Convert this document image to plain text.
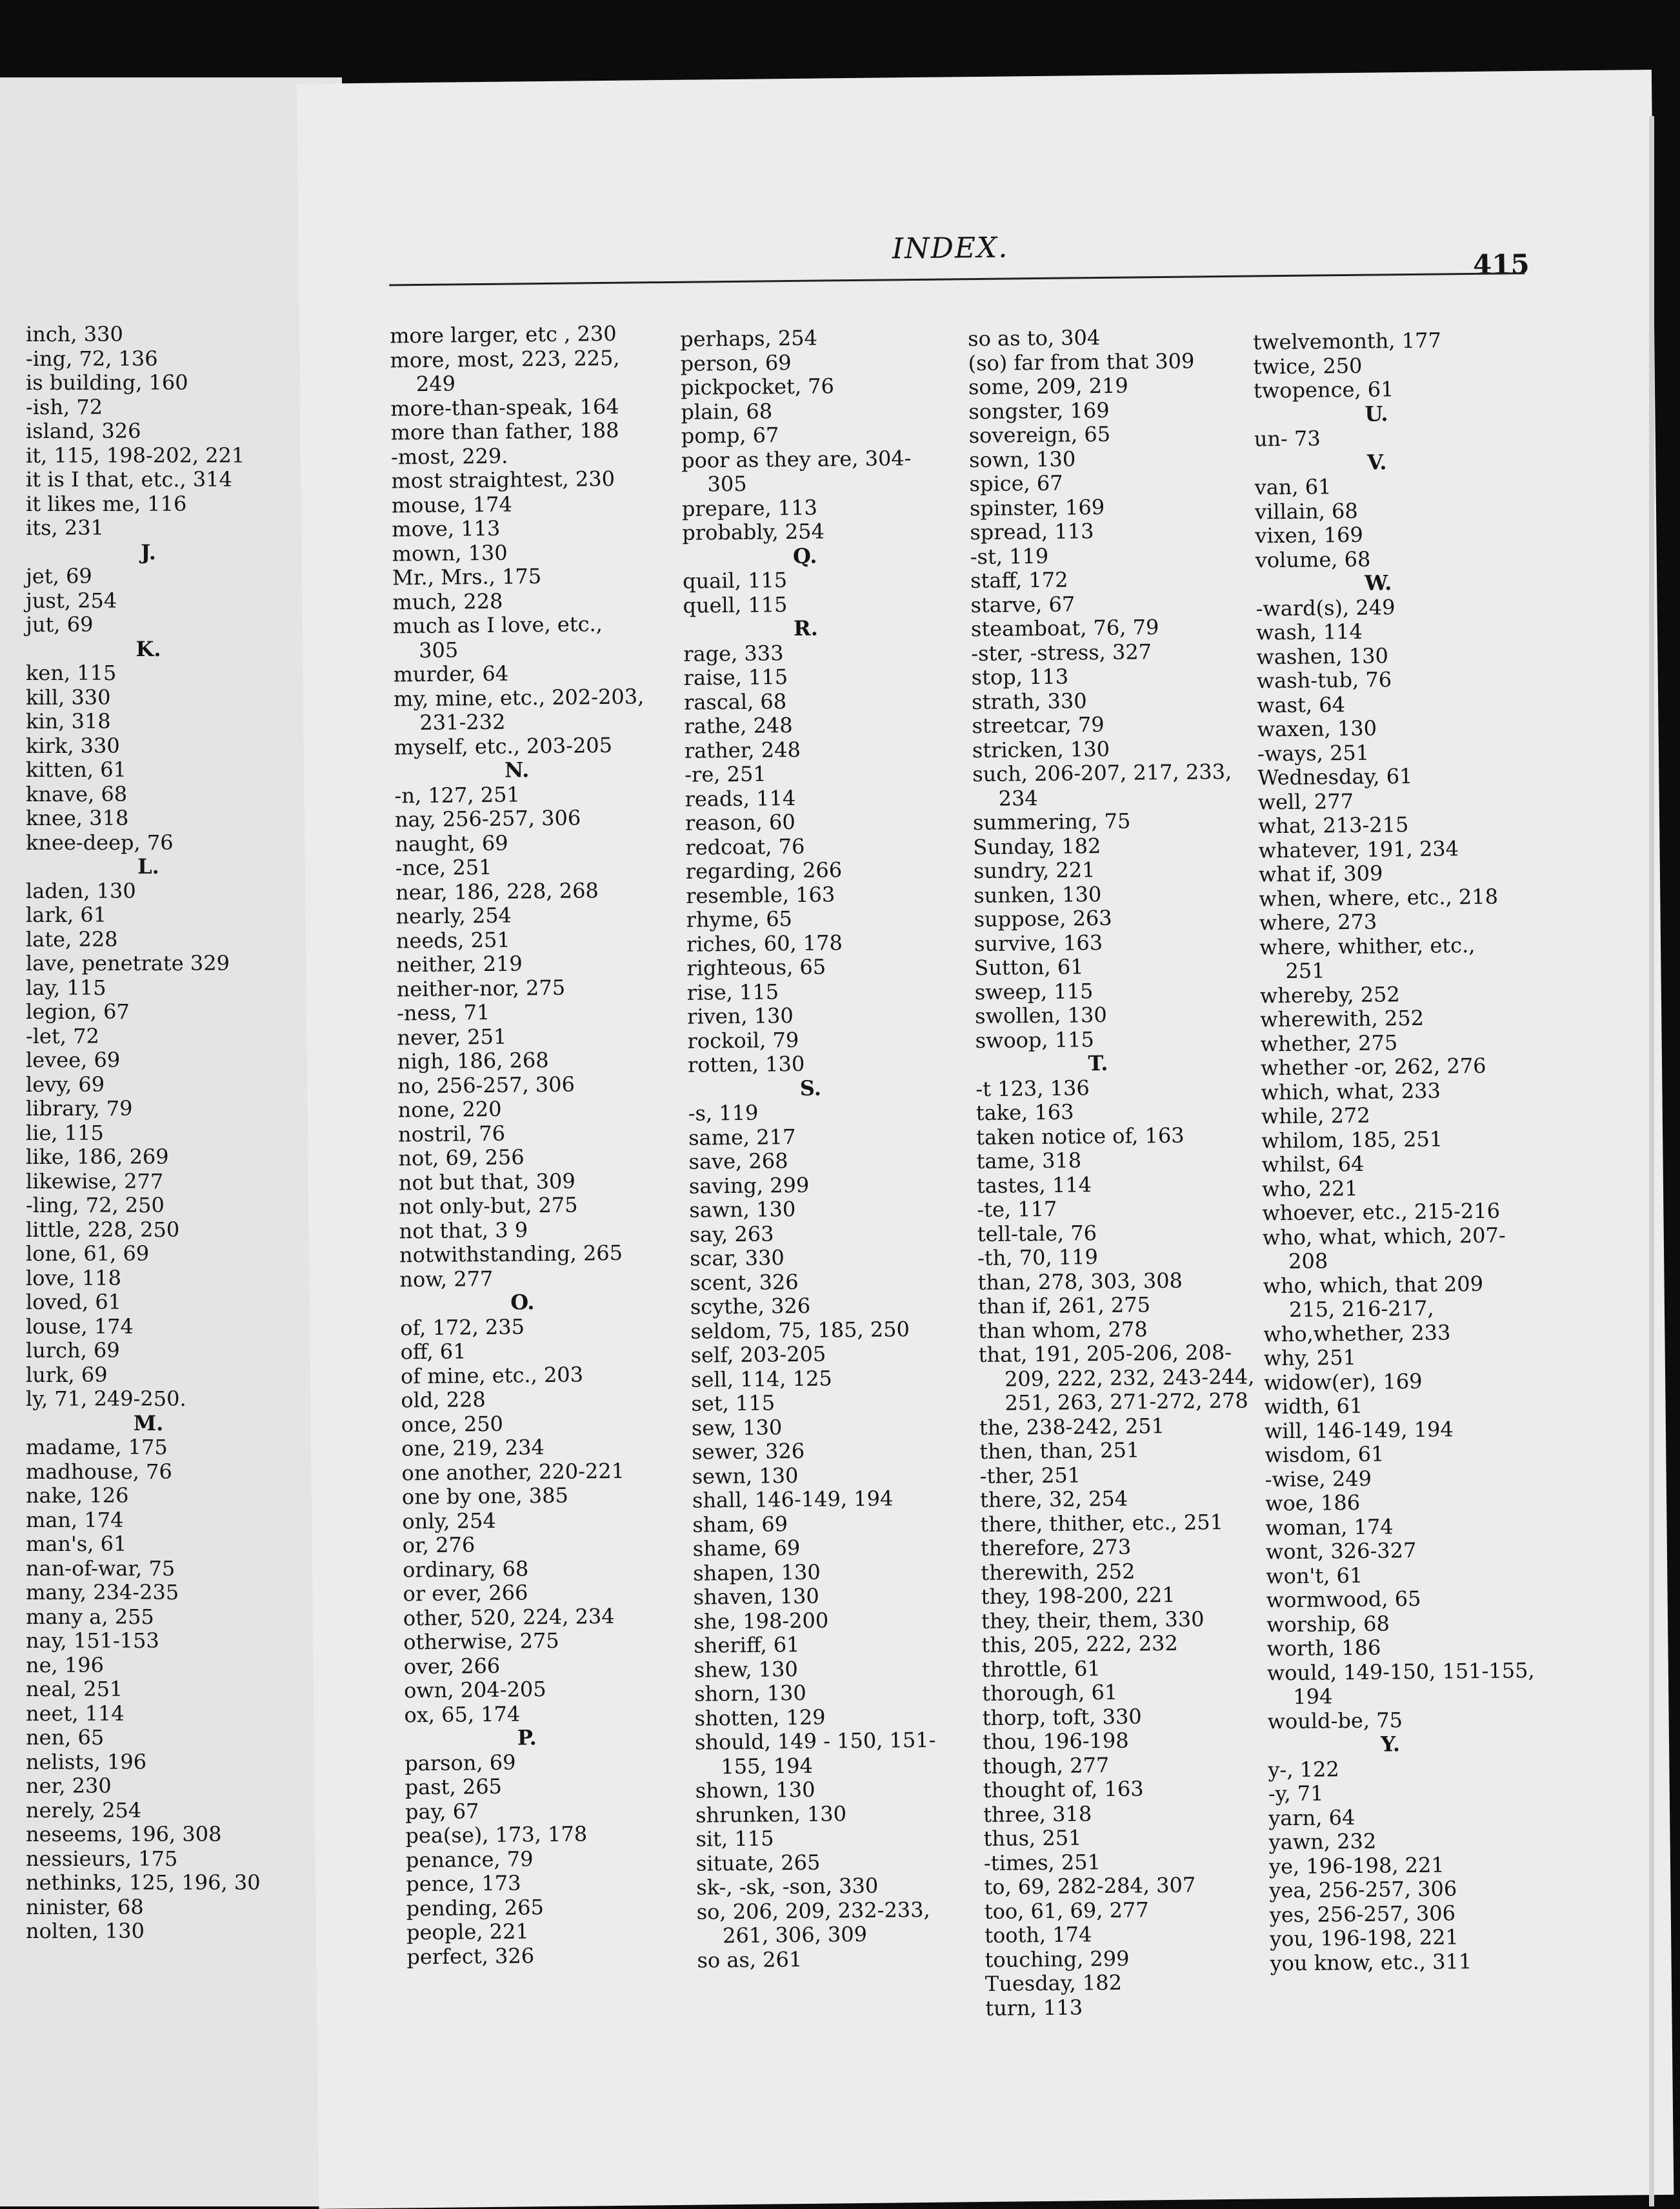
inch, 330
-ing, 72, 136
is building, 160
-ish, 72
island, 326
it, 115, 198-202, 221
it is I that, etc., 314
it likes me, 116
its, 231
J.
jet, 69
just, 254
jut, 69
K.
ken, 115
kill, 330
kin, 318
kirk, 330
kitten, 61
knave, 68
knee, 318
knee-deep, 76
L.
laden, 130
lark, 61
late, 228
lave, penetrate 329
lay, 115
legion, 67
-let, 72
levee, 69
levy, 69
library, 79
lie, 115
like, 186, 269
likewise, 277
-ling, 72, 250
little, 228, 250
lone, 61, 69
love, 118
loved, 61
louse, 174
lurch, 69
lurk, 69
ly, 71, 249-250.
M.
madame, 175
madhouse, 76
nake, 126
man, 174
man's, 61
nan-of-war, 75
many, 234-235
many a, 255
nay, 151-153
ne, 196
neal, 251
neet, 114
nen, 65
nelists, 196
ner, 230
nerely, 254
neseems, 196, 308
nessieurs, 175
nethinks, 125, 196, 30
ninister, 68
nolten, 130
INDEX.	415
more larger, etc , 230
more, most, 223, 225,
249
more-than-speak, 164
more than father, 188
-most, 229.
most straightest, 230
mouse, 174
move, 113
mown, 130
Mr., Mrs., 175
much, 228
much as I love, etc.,
305
murder, 64
my, mine, etc., 202-203,
231-232
myself, etc., 203-205
N.
-n, 127, 251
nay, 256-257, 306
naught, 69
-nce, 251
near, 186, 228, 268
nearly, 254
needs, 251
neither, 219
neither-nor, 275
-ness, 71
never, 251
nigh, 186, 268
no, 256-257, 306
none, 220
nostril, 76
not, 69, 256
not but that, 309
not only-but, 275
not that, 3 9
notwithstanding, 265
now, 277
O.
of, 172, 235
off, 61
of mine, etc., 203
old, 228
once, 250
one, 219, 234
one another, 220-221
one by one, 385
only, 254
or, 276
ordinary, 68
or ever, 266
other, 520, 224, 234
otherwise, 275
over, 266
own, 204-205
ox, 65, 174
P.
parson, 69
past, 265
pay, 67
pea(se), 173, 178
penance, 79
pence, 173
pending, 265
people, 221
perfect, 326
perhaps, 254
person, 69
pickpocket, 76
plain, 68
pomp, 67
poor as they are, 304-
305
prepare, 113
probably, 254
Q.
quail, 115
quell, 115
R.
rage, 333
raise, 115
rascal, 68
rathe, 248
rather, 248
-re, 251
reads, 114
reason, 60
redcoat, 76
regarding, 266
resemble, 163
rhyme, 65
riches, 60, 178
righteous, 65
rise, 115
riven, 130
rockoil, 79
rotten, 130
S.
-s, 119
same, 217
save, 268
saving, 299
sawn, 130
say, 263
scar, 330
scent, 326
scythe, 326
seldom, 75, 185, 250
self, 203-205
sell, 114, 125
set, 115
sew, 130
sewer, 326
sewn, 130
shall, 146-149, 194
sham, 69
shame, 69
shapen, 130
shaven, 130
she, 198-200
sheriff, 61
shew, 130
shorn, 130
shotten, 129
should, 149 - 150, 151-
155, 194
shown, 130
shrunken, 130
sit, 115
situate, 265
sk-, -sk, -son, 330
so, 206, 209, 232-233,
261, 306, 309
so as, 261
so as to, 304
(so) far from that 309
some, 209, 219
songster, 169
sovereign, 65
sown, 130
spice, 67
spinster, 169
spread, 113
-st, 119
staff, 172
starve, 67
steamboat, 76, 79
-ster, -stress, 327
stop, 113
strath, 330
streetcar, 79
stricken, 130
such, 206-207, 217, 233,
234
summering, 75
Sunday, 182
sundry, 221
sunken, 130
suppose, 263
survive, 163
Sutton, 61
sweep, 115
swollen, 130
swoop, 115
T.
-t 123, 136
take, 163
taken notice of, 163
tame, 318
tastes, 114
-te, 117
tell-tale, 76
-th, 70, 119
than, 278, 303, 308
than if, 261, 275
than whom, 278
that, 191, 205-206, 208-
209, 222, 232, 243-244,
251, 263, 271-272, 278
the, 238-242, 251
then, than, 251
-ther, 251
there, 32, 254
there, thither, etc., 251
therefore, 273
therewith, 252
they, 198-200, 221
they, their, them, 330
this, 205, 222, 232
throttle, 61
thorough, 61
thorp, toft, 330
thou, 196-198
though, 277
thought of, 163
three, 318
thus, 251
-times, 251
to, 69, 282-284, 307
too, 61, 69, 277
tooth, 174
touching, 299
Tuesday, 182
turn, 113
twelvemonth, 177
twice, 250
twopence, 61
U.
un- 73
V.
van, 61
villain, 68
vixen, 169
volume, 68
W.
-ward(s), 249
wash, 114
washen, 130
wash-tub, 76
wast, 64
waxen, 130
-ways, 251
Wednesday, 61
well, 277
what, 213-215
whatever, 191, 234
what if, 309
when, where, etc., 218
where, 273
where, whither, etc.,
251
whereby, 252
wherewith, 252
whether, 275
whether -or, 262, 276
which, what, 233
while, 272
whilom, 185, 251
whilst, 64
who, 221
whoever, etc., 215-216
who, what, which, 207-
208
who, which, that 209
215, 216-217,
who,whether, 233
why, 251
widow(er), 169
width, 61
will, 146-149, 194
wisdom, 61
-wise, 249
woe, 186
woman, 174
wont, 326-327
won't, 61
wormwood, 65
worship, 68
worth, 186
would, 149-150, 151-155,
194
would-be, 75
Y.
y-, 122
-y, 71
yarn, 64
yawn, 232
ye, 196-198, 221
yea, 256-257, 306
yes, 256-257, 306
you, 196-198, 221
you know, etc., 311
